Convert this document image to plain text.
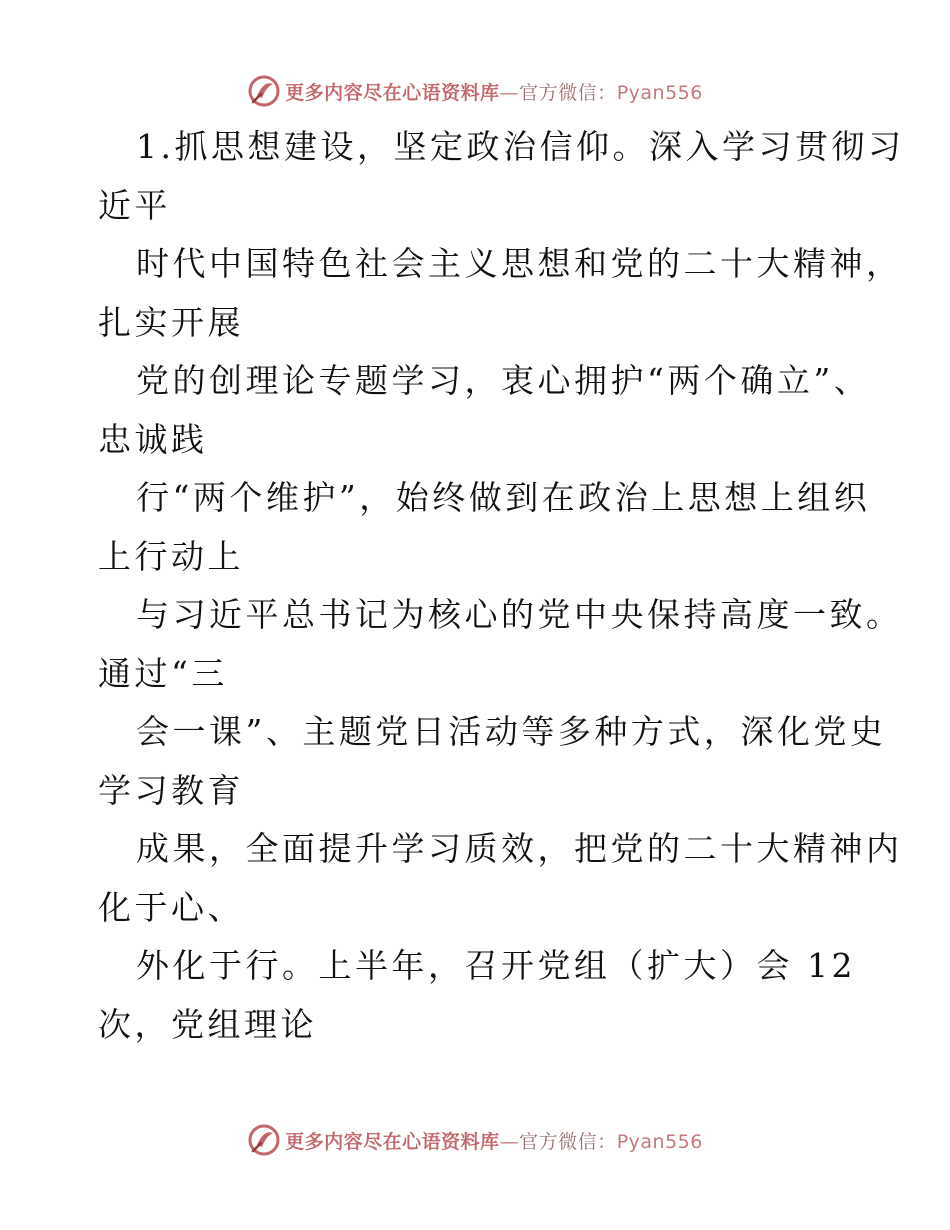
更多内容尽在心语资料库—官方微信：Pyan556
1.抓思想建设，坚定政治信仰。深入学习贯彻习
近平
时代中国特色社会主义思想和党的二十大精神，
扎实开展
党的创理论专题学习，衷心拥护“两个确立”、
忠诚践
行“两个维护”，始终做到在政治上思想上组织
上行动上
与习近平总书记为核心的党中央保持高度一致。
通过“三
会一课”、主题党日活动等多种方式，深化党史
学习教育
成果，全面提升学习质效，把党的二十大精神内
化于心、
外化于行。上半年，召开党组（扩大）会 12
次，党组理论
更多内容尽在心语资料库—官方微信：Pyan556
